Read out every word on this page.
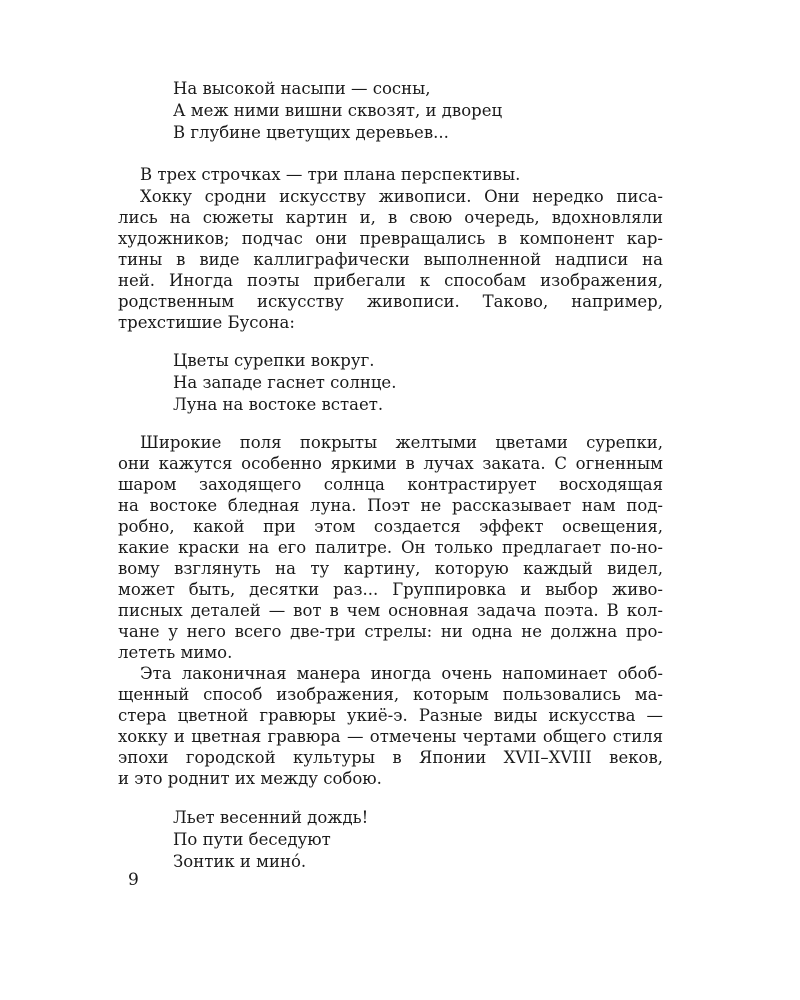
На высокой насыпи — сосны,
А меж ними вишни сквозят, и дворец
В глубине цветущих деревьев...
В трех строчках — три плана перспективы.
Хокку сродни искусству живописи. Они нередко писа-
лись на сюжеты картин и, в свою очередь, вдохновляли
художников; подчас они превращались в компонент кар-
тины в виде каллиграфически выполненной надписи на
ней. Иногда поэты прибегали к способам изображения,
родственным искусству живописи. Таково, например,
трехстишие Бусона:
Цветы сурепки вокруг.
На западе гаснет солнце.
Луна на востоке встает.
Широкие поля покрыты желтыми цветами сурепки,
они кажутся особенно яркими в лучах заката. С огненным
шаром заходящего солнца контрастирует восходящая
на востоке бледная луна. Поэт не рассказывает нам под-
робно, какой при этом создается эффект освещения,
какие краски на его палитре. Он только предлагает по-но-
вому взглянуть на ту картину, которую каждый видел,
может быть, десятки раз... Группировка и выбор живо-
писных деталей — вот в чем основная задача поэта. В кол-
чане у него всего две-три стрелы: ни одна не должна про-
лететь мимо.
Эта лаконичная манера иногда очень напоминает обоб-
щенный способ изображения, которым пользовались ма-
стера цветной гравюры укиё-э. Разные виды искусства —
хокку и цветная гравюра — отмечены чертами общего стиля
эпохи городской культуры в Японии XVII–XVIII веков,
и это роднит их между собою.
Льет весенний дождь!
По пути беседуют
Зонтик и мино́.
9
